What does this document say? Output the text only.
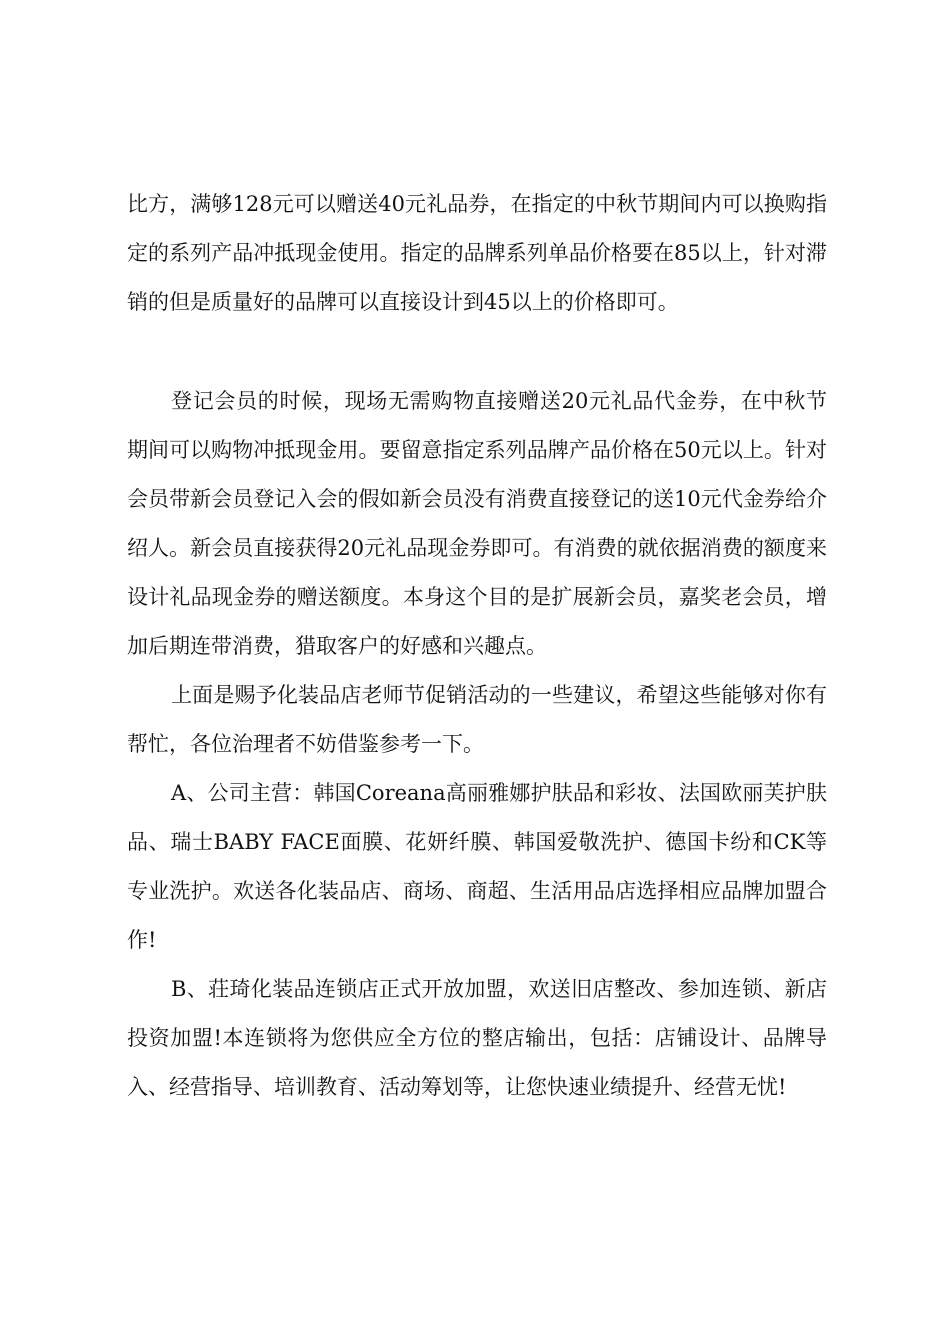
比方，满够128元可以赠送40元礼品券，在指定的中秋节期间内可以换购指定的系列产品冲抵现金使用。指定的品牌系列单品价格要在85以上，针对滞销的但是质量好的品牌可以直接设计到45以上的价格即可。

登记会员的时候，现场无需购物直接赠送20元礼品代金券，在中秋节期间可以购物冲抵现金用。要留意指定系列品牌产品价格在50元以上。针对会员带新会员登记入会的假如新会员没有消费直接登记的送10元代金券给介绍人。新会员直接获得20元礼品现金券即可。有消费的就依据消费的额度来设计礼品现金券的赠送额度。本身这个目的是扩展新会员，嘉奖老会员，增加后期连带消费，猎取客户的好感和兴趣点。

上面是赐予化装品店老师节促销活动的一些建议，希望这些能够对你有帮忙，各位治理者不妨借鉴参考一下。

A、公司主营：韩国Coreana高丽雅娜护肤品和彩妆、法国欧丽芙护肤品、瑞士BABY FACE面膜、花妍纤膜、韩国爱敬洗护、德国卡纷和CK等专业洗护。欢送各化装品店、商场、商超、生活用品店选择相应品牌加盟合作!

B、荘琦化装品连锁店正式开放加盟，欢送旧店整改、参加连锁、新店投资加盟!本连锁将为您供应全方位的整店输出，包括：店铺设计、品牌导入、经营指导、培训教育、活动筹划等，让您快速业绩提升、经营无忧!
